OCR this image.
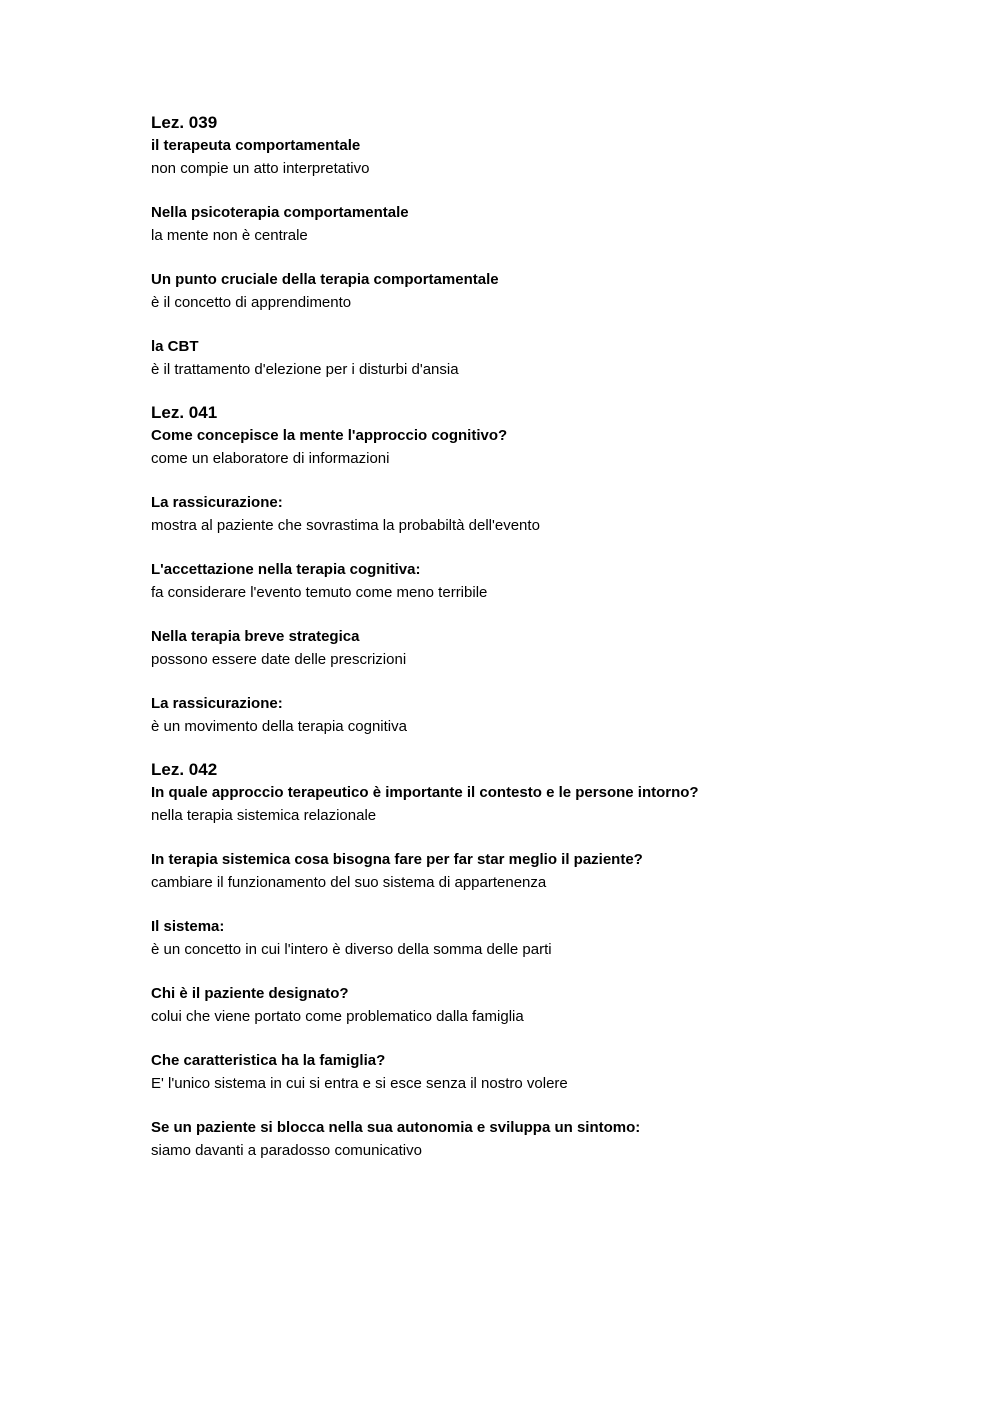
Lez. 039
il terapeuta comportamentale
non compie un atto interpretativo
Nella psicoterapia comportamentale
la mente non è centrale
Un punto cruciale della terapia comportamentale
è il concetto di apprendimento
la CBT
è il trattamento d'elezione per i disturbi d'ansia
Lez. 041
Come concepisce la mente l'approccio cognitivo?
come un elaboratore di informazioni
La rassicurazione:
mostra al paziente che sovrastima la probabiltà dell'evento
L'accettazione nella terapia cognitiva:
fa considerare l'evento temuto come meno terribile
Nella terapia breve strategica
possono essere date delle prescrizioni
La rassicurazione:
è un movimento della terapia cognitiva
Lez. 042
In quale approccio terapeutico è importante il contesto e le persone intorno?
nella terapia sistemica relazionale
In terapia sistemica cosa bisogna fare per far star meglio il paziente?
cambiare il funzionamento del suo sistema di appartenenza
Il sistema:
è un concetto in cui l'intero è diverso della somma delle parti
Chi è il paziente designato?
colui che viene portato come problematico dalla famiglia
Che caratteristica ha la famiglia?
E' l'unico sistema in cui si entra e si esce senza il nostro volere
Se un paziente si blocca nella sua autonomia e sviluppa un sintomo:
siamo davanti a paradosso comunicativo
